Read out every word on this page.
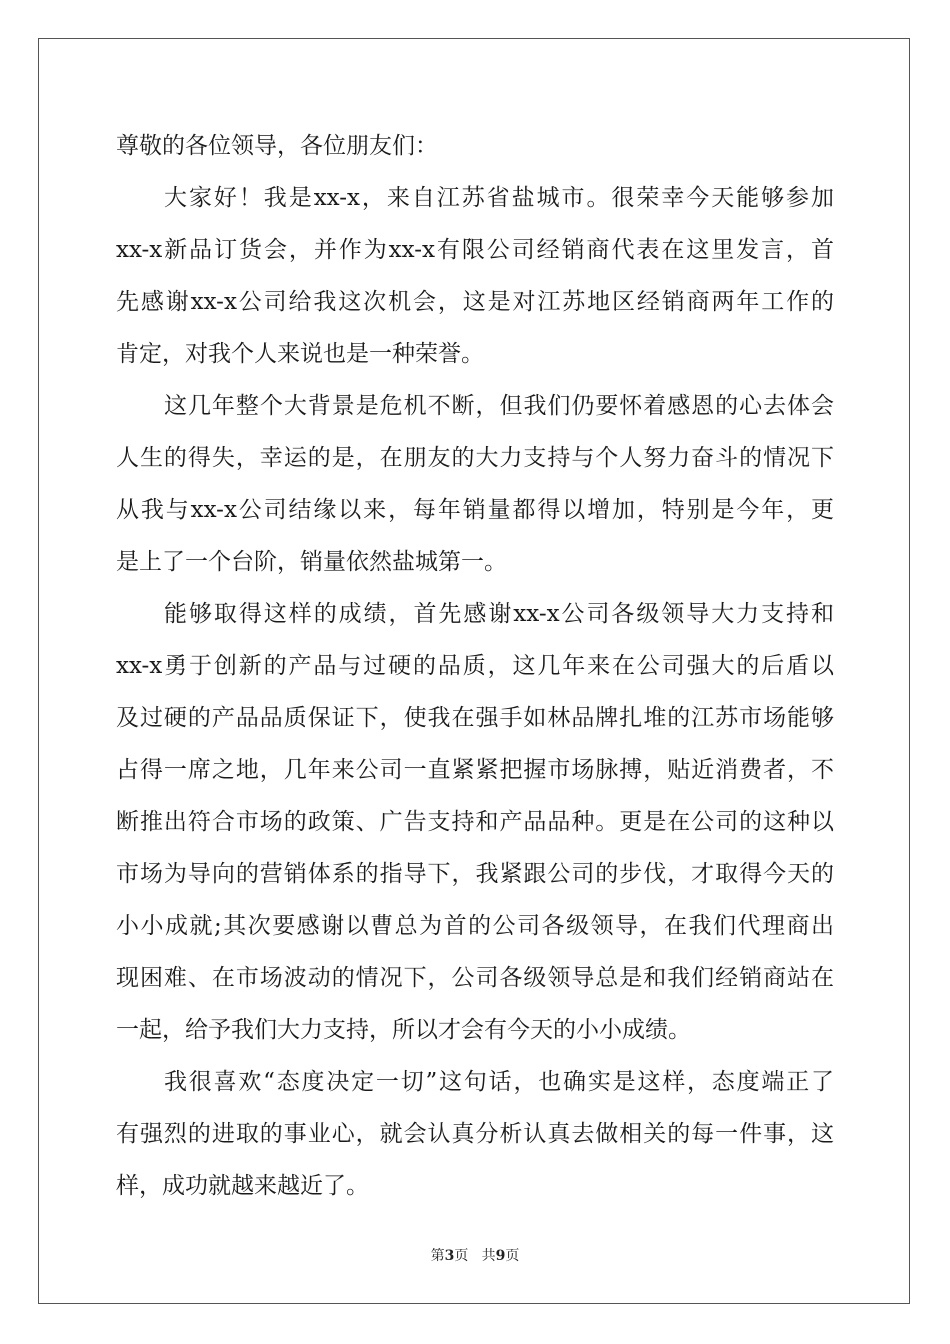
尊敬的各位领导，各位朋友们：
大家好！我是xx-x，来自江苏省盐城市。很荣幸今天能够参加
xx-x新品订货会，并作为xx-x有限公司经销商代表在这里发言，首
先感谢xx-x公司给我这次机会，这是对江苏地区经销商两年工作的
肯定，对我个人来说也是一种荣誉。
这几年整个大背景是危机不断，但我们仍要怀着感恩的心去体会
人生的得失，幸运的是，在朋友的大力支持与个人努力奋斗的情况下
从我与xx-x公司结缘以来，每年销量都得以增加，特别是今年，更
是上了一个台阶，销量依然盐城第一。
能够取得这样的成绩，首先感谢xx-x公司各级领导大力支持和
xx-x勇于创新的产品与过硬的品质，这几年来在公司强大的后盾以
及过硬的产品品质保证下，使我在强手如林品牌扎堆的江苏市场能够
占得一席之地，几年来公司一直紧紧把握市场脉搏，贴近消费者，不
断推出符合市场的政策、广告支持和产品品种。更是在公司的这种以
市场为导向的营销体系的指导下，我紧跟公司的步伐，才取得今天的
小小成就;其次要感谢以曹总为首的公司各级领导，在我们代理商出
现困难、在市场波动的情况下，公司各级领导总是和我们经销商站在
一起，给予我们大力支持，所以才会有今天的小小成绩。
我很喜欢“态度决定一切”这句话，也确实是这样，态度端正了
有强烈的进取的事业心，就会认真分析认真去做相关的每一件事，这
样，成功就越来越近了。
第3页 共9页
